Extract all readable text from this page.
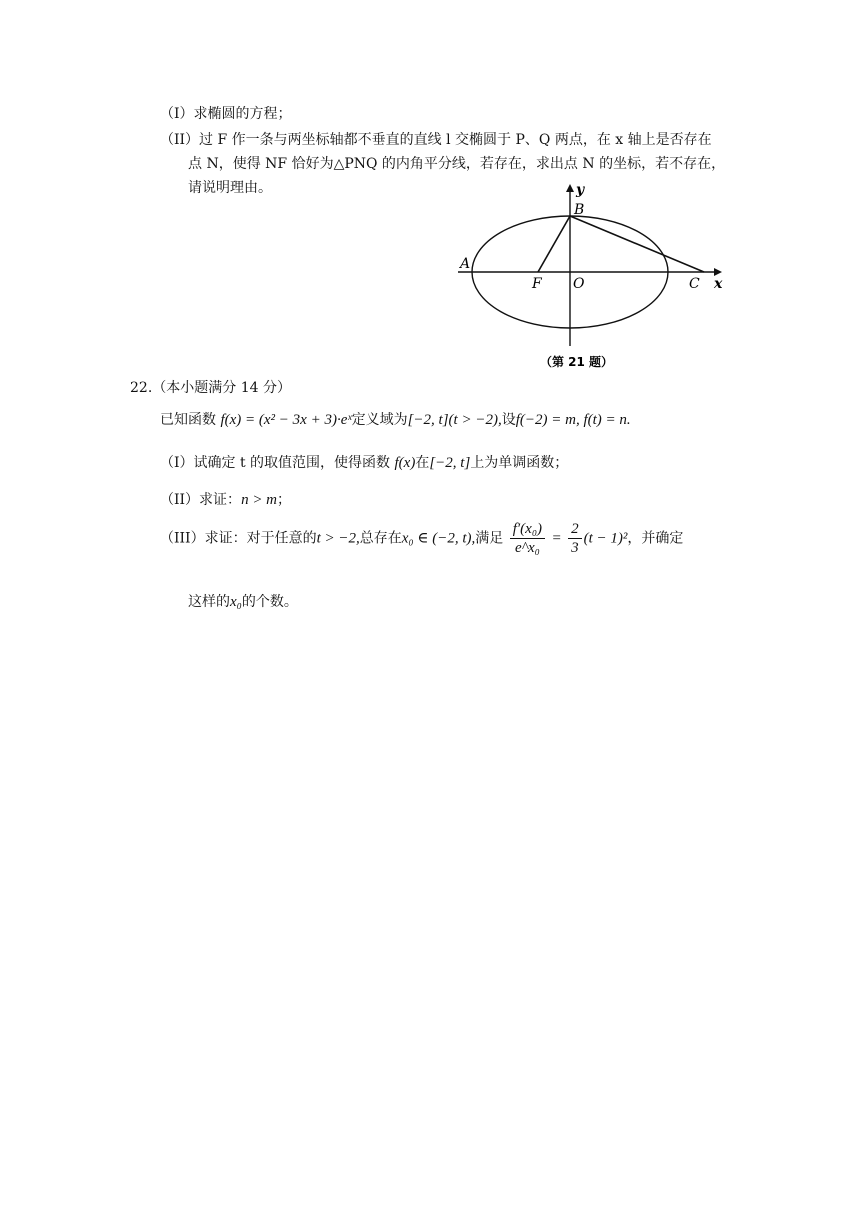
（I）求椭圆的方程；
（II）过 F 作一条与两坐标轴都不垂直的直线 l 交椭圆于 P、Q 两点，在 x 轴上是否存在
点 N，使得 NF 恰好为△PNQ 的内角平分线，若存在，求出点 N 的坐标，若不存在，
请说明理由。	y
x
A
B
F O	C
（第 21 题）
22.（本小题满分 14 分）
已知函数 f(x) = (x² − 3x + 3)·eˣ定义域为[−2, t](t > −2),设f(−2) = m, f(t) = n.
（I）试确定 t 的取值范围，使得函数 f(x)在[−2, t]上为单调函数；
（II）求证：n > m；
（III）求证：对于任意的t > −2,总存在x₀ ∈ (−2, t),满足 $\frac{\text{f′(x₀)}}{\text{e\textasciicircum{}x₀}} = \frac{2}{3} (t - 1)^2$，并确定
这样的x₀的个数。
